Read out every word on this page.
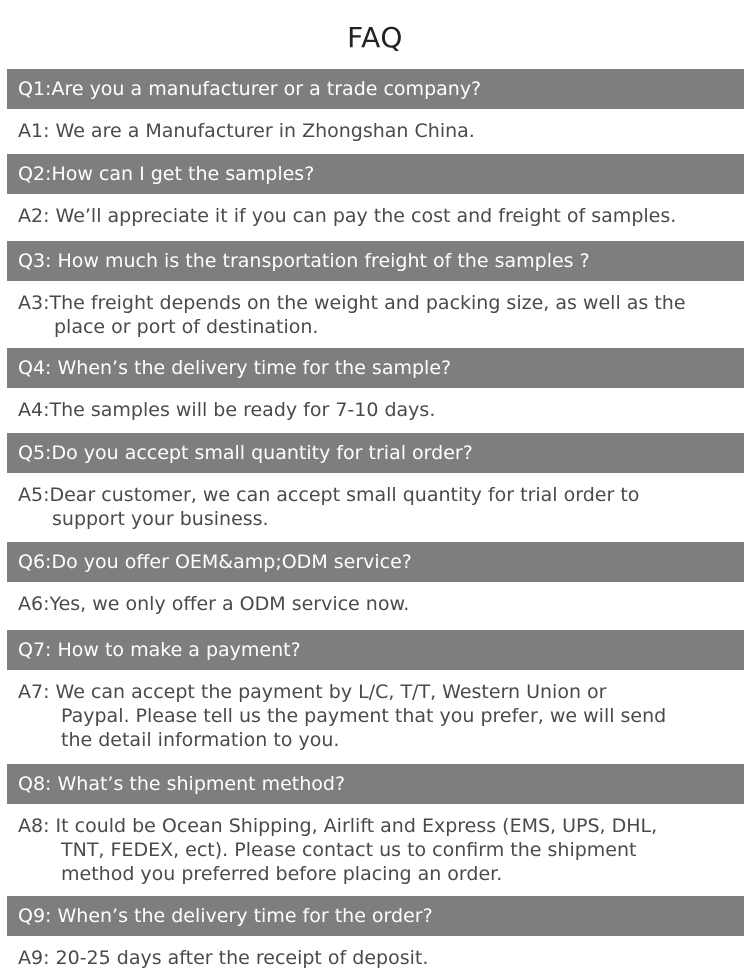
FAQ
Q1:Are you a manufacturer or a trade company?
A1: We are a Manufacturer in Zhongshan China.
Q2:How can I get the samples?
A2: We’ll appreciate it if you can pay the cost and freight of samples.
Q3: How much is the transportation freight of the samples ?
A3:The freight depends on the weight and packing size, as well as the
place or port of destination.
Q4: When’s the delivery time for the sample?
A4:The samples will be ready for 7-10 days.
Q5:Do you accept small quantity for trial order?
A5:Dear customer, we can accept small quantity for trial order to
support your business.
Q6:Do you offer OEM&amp;ODM service?
A6:Yes, we only offer a ODM service now.
Q7: How to make a payment?
A7: We can accept the payment by L/C, T/T, Western Union or
Paypal. Please tell us the payment that you prefer, we will send
the detail information to you.
Q8: What’s the shipment method?
A8: It could be Ocean Shipping, Airlift and Express (EMS, UPS, DHL,
TNT, FEDEX, ect). Please contact us to confirm the shipment
method you preferred before placing an order.
Q9: When’s the delivery time for the order?
A9: 20-25 days after the receipt of deposit.
